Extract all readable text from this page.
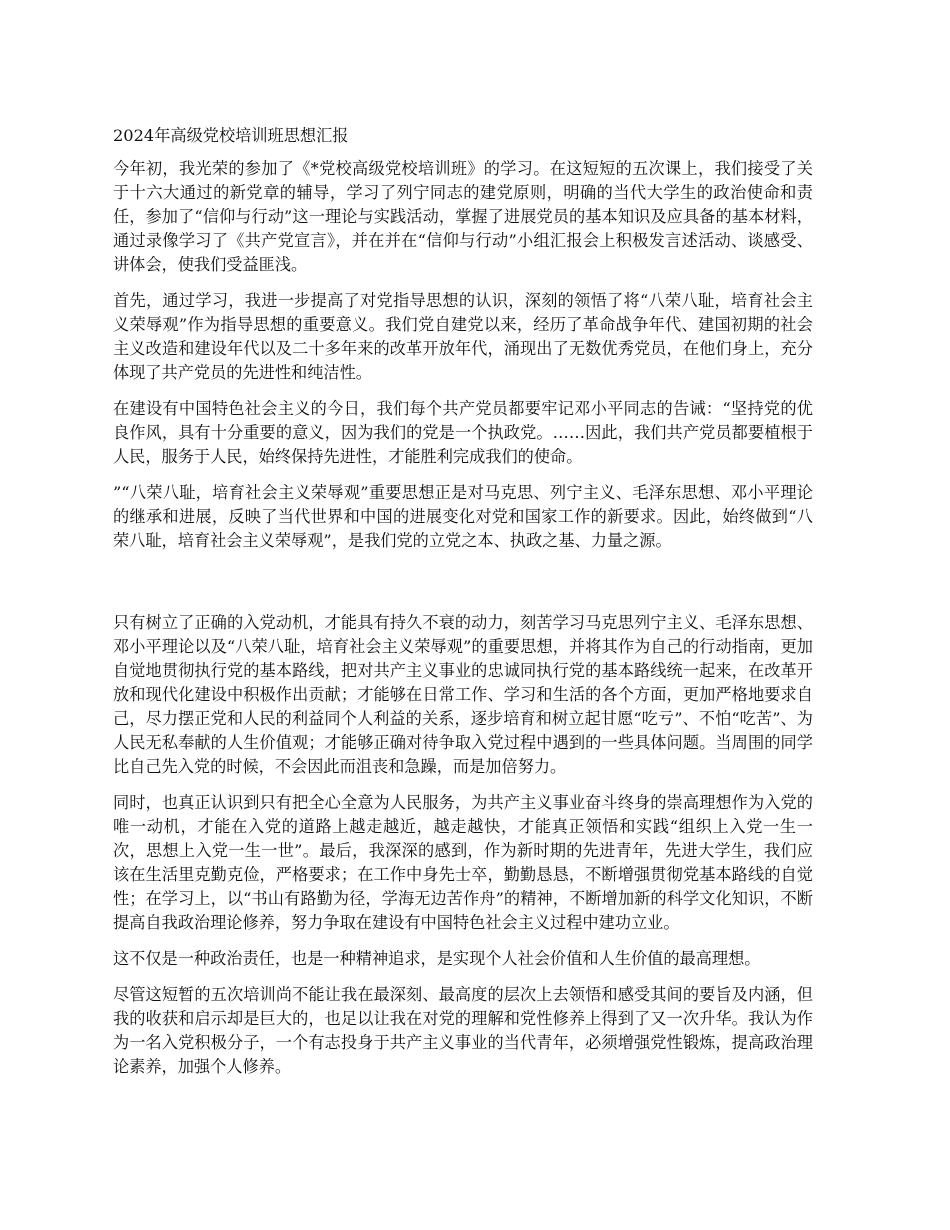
2024年高级党校培训班思想汇报

今年初，我光荣的参加了《*党校高级党校培训班》的学习。在这短短的五次课上，我们接受了关于十六大通过的新党章的辅导，学习了列宁同志的建党原则，明确的当代大学生的政治使命和责任，参加了“信仰与行动”这一理论与实践活动，掌握了进展党员的基本知识及应具备的基本材料，通过录像学习了《共产党宣言》，并在并在“信仰与行动”小组汇报会上积极发言述活动、谈感受、讲体会，使我们受益匪浅。

首先，通过学习，我进一步提高了对党指导思想的认识，深刻的领悟了将“八荣八耻，培育社会主义荣辱观”作为指导思想的重要意义。我们党自建党以来，经历了革命战争年代、建国初期的社会主义改造和建设年代以及二十多年来的改革开放年代，涌现出了无数优秀党员，在他们身上，充分体现了共产党员的先进性和纯洁性。

在建设有中国特色社会主义的今日，我们每个共产党员都要牢记邓小平同志的告诫：“坚持党的优良作风，具有十分重要的意义，因为我们的党是一个执政党。……因此，我们共产党员都要植根于人民，服务于人民，始终保持先进性，才能胜利完成我们的使命。

”“八荣八耻，培育社会主义荣辱观”重要思想正是对马克思、列宁主义、毛泽东思想、邓小平理论的继承和进展，反映了当代世界和中国的进展变化对党和国家工作的新要求。因此，始终做到“八荣八耻，培育社会主义荣辱观”，是我们党的立党之本、执政之基、力量之源。

只有树立了正确的入党动机，才能具有持久不衰的动力，刻苦学习马克思列宁主义、毛泽东思想、邓小平理论以及“八荣八耻，培育社会主义荣辱观”的重要思想，并将其作为自己的行动指南，更加自觉地贯彻执行党的基本路线，把对共产主义事业的忠诚同执行党的基本路线统一起来，在改革开放和现代化建设中积极作出贡献；才能够在日常工作、学习和生活的各个方面，更加严格地要求自己，尽力摆正党和人民的利益同个人利益的关系，逐步培育和树立起甘愿“吃亏”、不怕“吃苦”、为人民无私奉献的人生价值观；才能够正确对待争取入党过程中遇到的一些具体问题。当周围的同学比自己先入党的时候，不会因此而沮丧和急躁，而是加倍努力。

同时，也真正认识到只有把全心全意为人民服务，为共产主义事业奋斗终身的崇高理想作为入党的唯一动机，才能在入党的道路上越走越近，越走越快，才能真正领悟和实践“组织上入党一生一次，思想上入党一生一世”。最后，我深深的感到，作为新时期的先进青年，先进大学生，我们应该在生活里克勤克俭，严格要求；在工作中身先士卒，勤勤恳恳，不断增强贯彻党基本路线的自觉性；在学习上，以“书山有路勤为径，学海无边苦作舟”的精神，不断增加新的科学文化知识，不断提高自我政治理论修养，努力争取在建设有中国特色社会主义过程中建功立业。

这不仅是一种政治责任，也是一种精神追求，是实现个人社会价值和人生价值的最高理想。

尽管这短暂的五次培训尚不能让我在最深刻、最高度的层次上去领悟和感受其间的要旨及内涵，但我的收获和启示却是巨大的，也足以让我在对党的理解和党性修养上得到了又一次升华。我认为作为一名入党积极分子，一个有志投身于共产主义事业的当代青年，必须增强党性锻炼，提高政治理论素养，加强个人修养。
